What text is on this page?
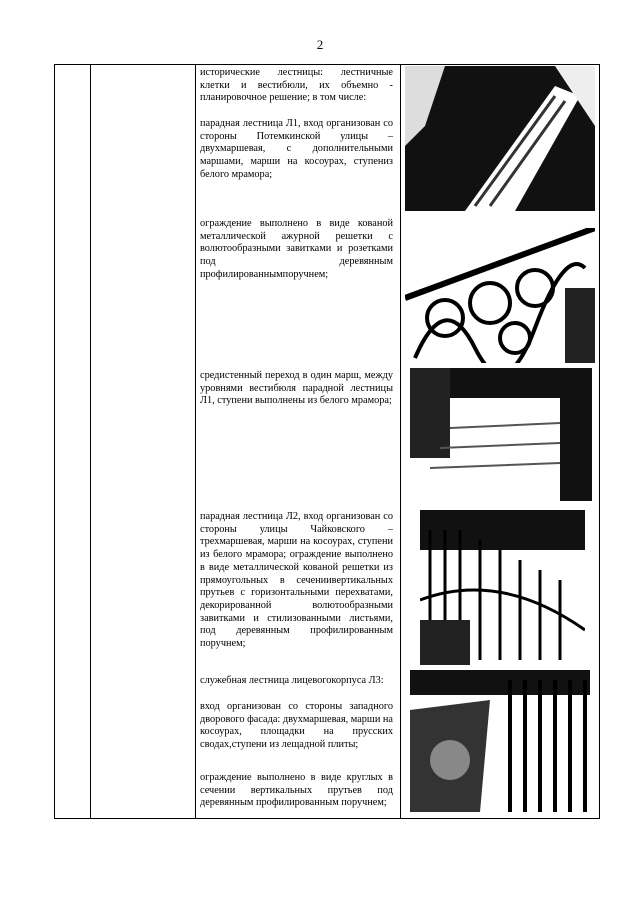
2
исторические лестницы: лестничные клетки и вестибюли, их объемно - планировочное решение; в том числе:
парадная лестница Л1, вход организован со стороны Потемкинской улицы – двухмаршевая, с дополнительными маршами, марши на косоурах, ступениз белого мрамора;
ограждение выполнено в виде кованой металлической ажурной решетки с волютообразными завитками и розетками под деревянным профилированнымпоручнем;
средистенный переход в один марш, между уровнями вестибюля парадной лестницы Л1, ступени выполнены из белого мрамора;
парадная лестница Л2, вход организован со стороны улицы Чайковского – трехмаршевая, марши на косоурах, ступени из белого мрамора; ограждение выполнено в виде металлической кованой решетки из прямоугольных в сечениивертикальных прутьев с горизонтальными перехватами, декорированной волютообразными завитками и стилизованными листьями, под деревянным профилированным поручнем;
служебная лестница лицевогокорпуса Л3:
вход организован со стороны западного дворового фасада: двухмаршевая, марши на косоурах, площадки на прусских сводах,ступени из лещадной плиты;
ограждение выполнено в виде круглых в сечении вертикальных прутьев под деревянным профилированным поручнем;
